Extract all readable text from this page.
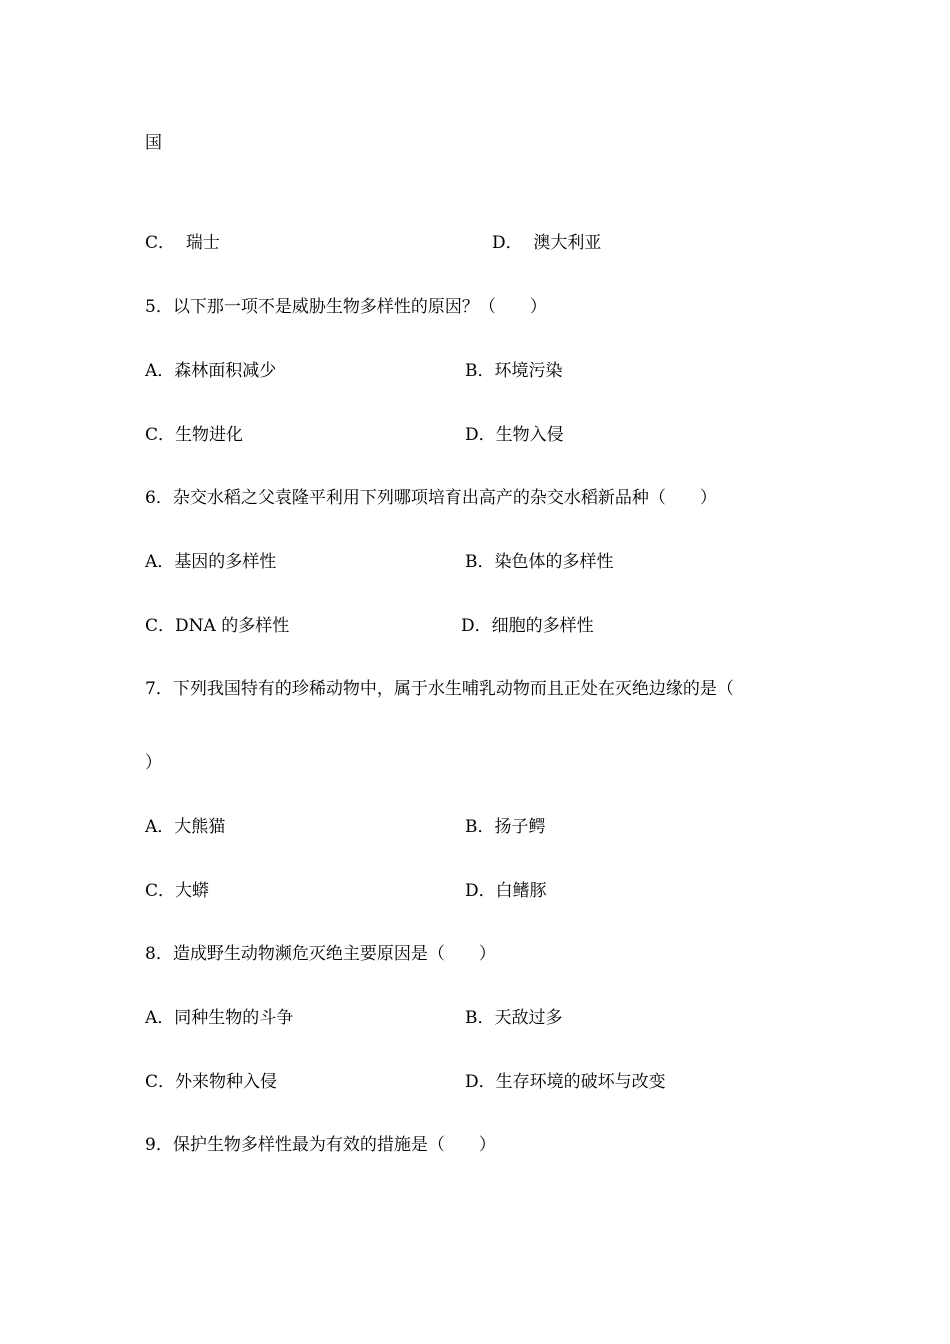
国
C．  瑞士	D．  澳大利亚
5．以下那一项不是威胁生物多样性的原因？（　　）
A．森林面积减少	B．环境污染
C．生物进化	D．生物入侵
6．杂交水稻之父袁隆平利用下列哪项培育出高产的杂交水稻新品种（　　）
A．基因的多样性	B．染色体的多样性
C．DNA 的多样性	D．细胞的多样性
7．下列我国特有的珍稀动物中，属于水生哺乳动物而且正处在灭绝边缘的是（
）
A．大熊猫	B．扬子鳄
C．大蟒	D．白鳍豚
8．造成野生动物濒危灭绝主要原因是（　　）
A．同种生物的斗争	B．天敌过多
C．外来物种入侵	D．生存环境的破坏与改变
9．保护生物多样性最为有效的措施是（　　）
